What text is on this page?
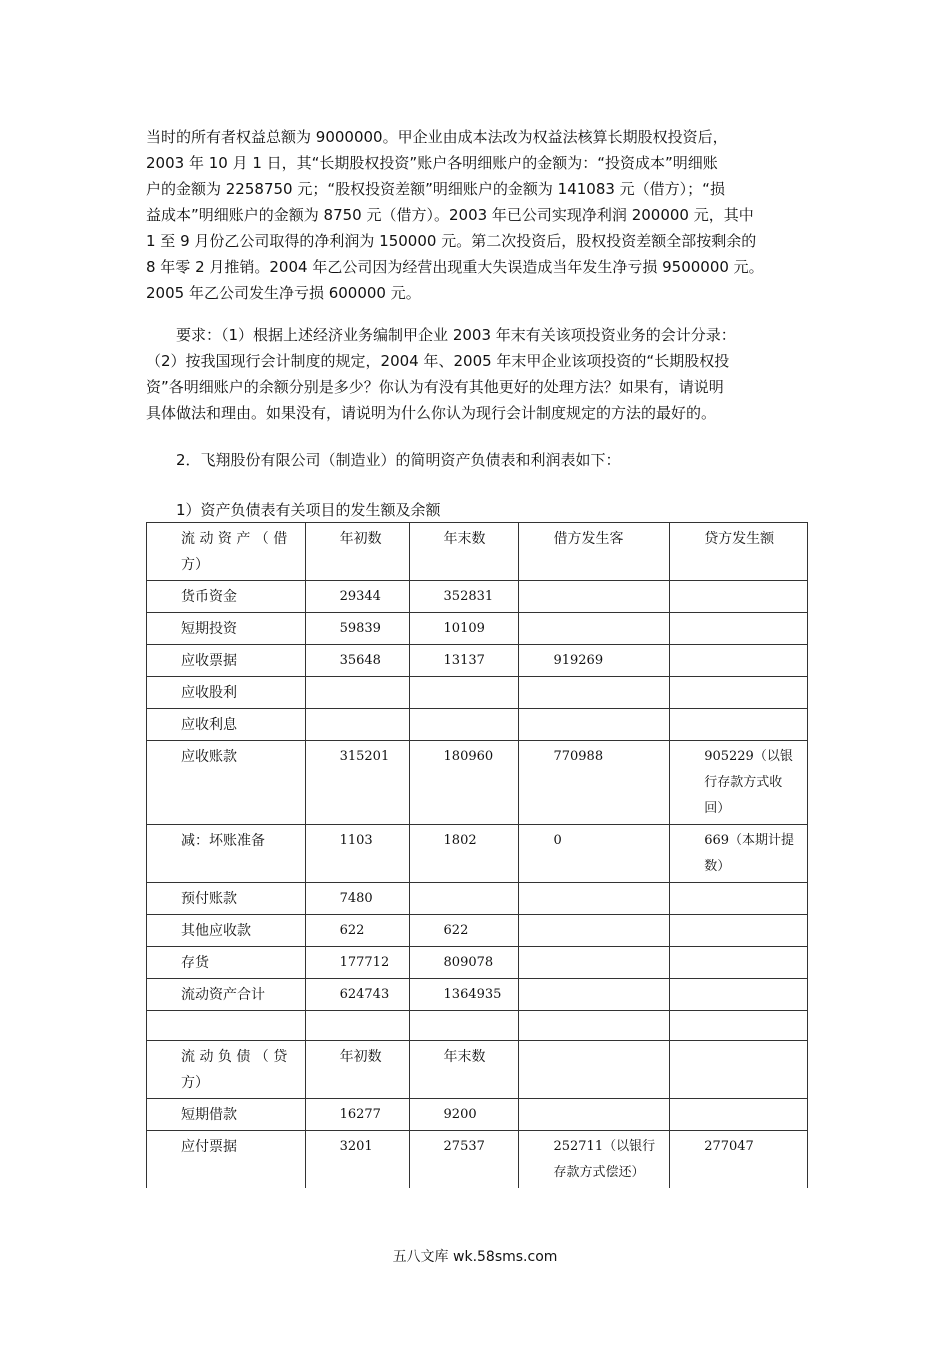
当时的所有者权益总额为 9000000。甲企业由成本法改为权益法核算长期股权投资后，

2003 年 10 月 1 日，其“长期股权投资”账户各明细账户的金额为：“投资成本”明细账

户的金额为 2258750 元；“股权投资差额”明细账户的金额为 141083 元（借方）；“损

益成本”明细账户的金额为 8750 元（借方）。2003 年已公司实现净利润 200000 元，其中

1 至 9 月份乙公司取得的净利润为 150000 元。第二次投资后，股权投资差额全部按剩余的

8 年零 2 月推销。2004 年乙公司因为经营出现重大失误造成当年发生净亏损 9500000 元。

2005 年乙公司发生净亏损 600000 元。

要求：（1）根据上述经济业务编制甲企业 2003 年末有关该项投资业务的会计分录：

（2）按我国现行会计制度的规定，2004 年、2005 年末甲企业该项投资的“长期股权投

资”各明细账户的余额分别是多少？你认为有没有其他更好的处理方法？如果有，请说明

具体做法和理由。如果没有，请说明为什么你认为现行会计制度规定的方法的最好的。

2．飞翔股份有限公司（制造业）的简明资产负债表和利润表如下：
1）资产负债表有关项目的发生额及余额
流 动 资 产 （ 借方）	年初数	年末数	借方发生客	贷方发生额
货币资金	29344	352831		
短期投资	59839	10109		
应收票据	35648	13137	919269	
应收股利				
应收利息				
应收账款	315201	180960	770988	905229（以银行存款方式收回）
减：坏账准备	1103	1802	0	669（本期计提数）
预付账款	7480			
其他应收款	622	622		
存货	177712	809078		
流动资产合计	624743	1364935		

流 动 负 债 （ 贷方）	年初数	年末数		
短期借款	16277	9200		
应付票据	3201	27537	252711（以银行存款方式偿还）	277047
五八文库 wk.58sms.com
